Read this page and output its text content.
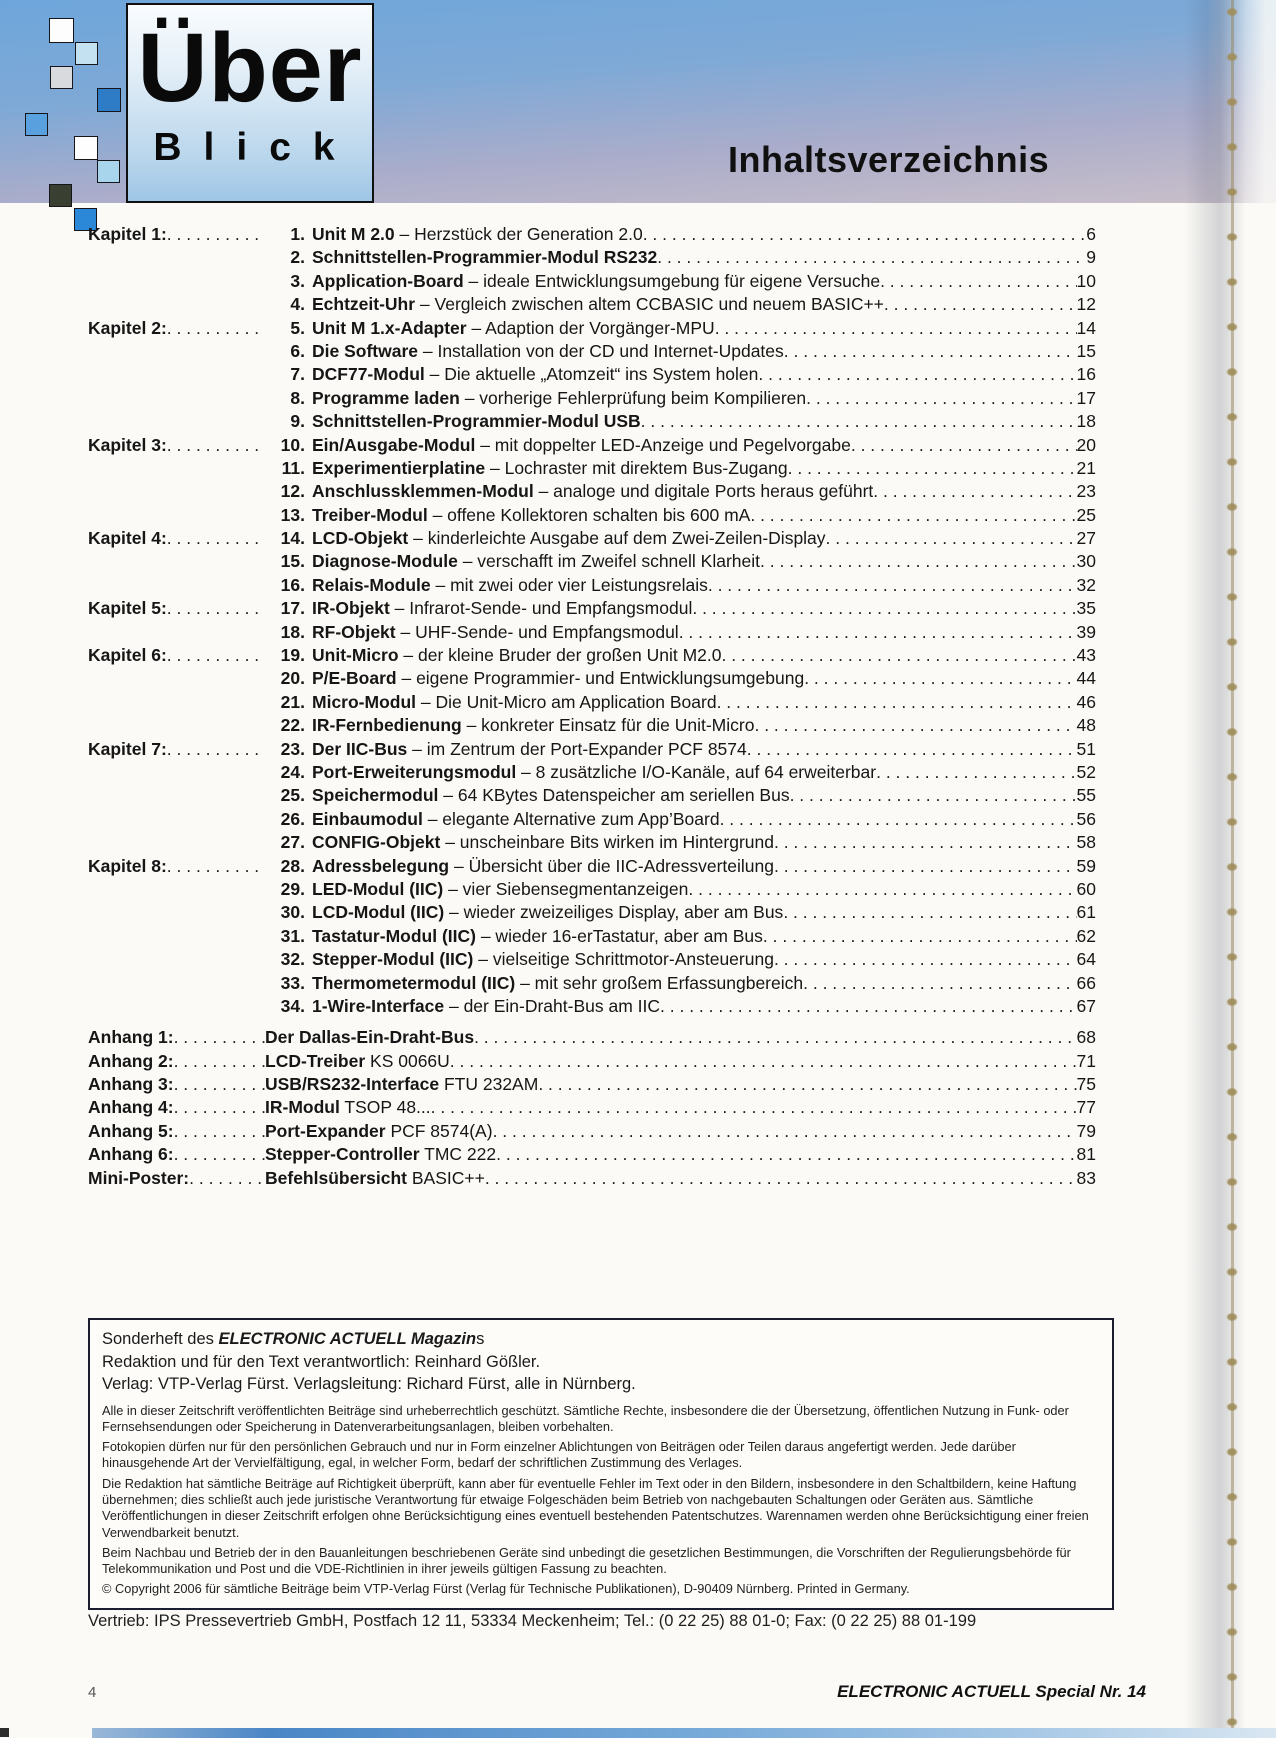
Über
Blick	Inhaltsverzeichnis
Kapitel 1: . . .	1. Unit M 2.0 – Herzstück der Generation 2.0 . . .	6
2. Schnittstellen-Programmier-Modul RS232 . . .	9
3. Application-Board – ideale Entwicklungsumgebung für eigene Versuche . . .	10
4. Echtzeit-Uhr – Vergleich zwischen altem CCBASIC und neuem BASIC++ . . .	12
Kapitel 2: . . .	5. Unit M 1.x-Adapter – Adaption der Vorgänger-MPU . . .	14
6. Die Software – Installation von der CD und Internet-Updates . . .	15
7. DCF77-Modul – Die aktuelle „Atomzeit“ ins System holen . . .	16
8. Programme laden – vorherige Fehlerprüfung beim Kompilieren . . .	17
9. Schnittstellen-Programmier-Modul USB . . .	18
Kapitel 3: . . .	10. Ein/Ausgabe-Modul – mit doppelter LED-Anzeige und Pegelvorgabe . . .	20
11. Experimentierplatine – Lochraster mit direktem Bus-Zugang . . .	21
12. Anschlussklemmen-Modul – analoge und digitale Ports heraus geführt . . .	23
13. Treiber-Modul – offene Kollektoren schalten bis 600 mA . . .	25
Kapitel 4: . . .	14. LCD-Objekt – kinderleichte Ausgabe auf dem Zwei-Zeilen-Display . . .	27
15. Diagnose-Module – verschafft im Zweifel schnell Klarheit . . .	30
16. Relais-Module – mit zwei oder vier Leistungsrelais . . .	32
Kapitel 5: . . .	17. IR-Objekt – Infrarot-Sende- und Empfangsmodul . . .	35
18. RF-Objekt – UHF-Sende- und Empfangsmodul . . .	39
Kapitel 6: . . .	19. Unit-Micro – der kleine Bruder der großen Unit M2.0 . . .	43
20. P/E-Board – eigene Programmier- und Entwicklungsumgebung . . .	44
21. Micro-Modul – Die Unit-Micro am Application Board . . .	46
22. IR-Fernbedienung – konkreter Einsatz für die Unit-Micro . . .	48
Kapitel 7: . . .	23. Der IIC-Bus – im Zentrum der Port-Expander PCF 8574 . . .	51
24. Port-Erweiterungsmodul – 8 zusätzliche I/O-Kanäle, auf 64 erweiterbar . . .	52
25. Speichermodul – 64 KBytes Datenspeicher am seriellen Bus . . .	55
26. Einbaumodul – elegante Alternative zum App’Board . . .	56
27. CONFIG-Objekt – unscheinbare Bits wirken im Hintergrund . . .	58
Kapitel 8: . . .	28. Adressbelegung – Übersicht über die IIC-Adressverteilung . . .	59
29. LED-Modul (IIC) – vier Siebensegmentanzeigen . . .	60
30. LCD-Modul (IIC) – wieder zweizeiliges Display, aber am Bus . . .	61
31. Tastatur-Modul (IIC) – wieder 16-erTastatur, aber am Bus . . .	62
32. Stepper-Modul (IIC) – vielseitige Schrittmotor-Ansteuerung . . .	64
33. Thermometermodul (IIC) – mit sehr großem Erfassungbereich . . .	66
34. 1-Wire-Interface – der Ein-Draht-Bus am IIC . . .	67
Anhang 1: . . .	Der Dallas-Ein-Draht-Bus . . .	68
Anhang 2: . . .	LCD-Treiber KS 0066U . . .	71
Anhang 3: . . .	USB/RS232-Interface FTU 232AM . . .	75
Anhang 4: . . .	IR-Modul TSOP 48... . . .	77
Anhang 5: . . .	Port-Expander PCF 8574(A) . . .	79
Anhang 6: . . .	Stepper-Controller TMC 222 . . .	81
Mini-Poster: . . .	Befehlsübersicht BASIC++ . . .	83
Sonderheft des ELECTRONIC ACTUELL Magazins
Redaktion und für den Text verantwortlich: Reinhard Gößler.
Verlag: VTP-Verlag Fürst. Verlagsleitung: Richard Fürst, alle in Nürnberg.

Alle in dieser Zeitschrift veröffentlichten Beiträge sind urheberrechtlich geschützt. Sämtliche Rechte, insbesondere die der Übersetzung, öffentlichen Nutzung in Funk- oder Fernsehsendungen oder Speicherung in Datenverarbeitungsanlagen, bleiben vorbehalten.

Fotokopien dürfen nur für den persönlichen Gebrauch und nur in Form einzelner Ablichtungen von Beiträgen oder Teilen daraus angefertigt werden. Jede darüber hinausgehende Art der Vervielfältigung, egal, in welcher Form, bedarf der schriftlichen Zustimmung des Verlages.

Die Redaktion hat sämtliche Beiträge auf Richtigkeit überprüft, kann aber für eventuelle Fehler im Text oder in den Bildern, insbesondere in den Schaltbildern, keine Haftung übernehmen; dies schließt auch jede juristische Verantwortung für etwaige Folgeschäden beim Betrieb von nachgebauten Schaltungen oder Geräten aus. Sämtliche Veröffentlichungen in dieser Zeitschrift erfolgen ohne Berücksichtigung eines eventuell bestehenden Patentschutzes. Warennamen werden ohne Berücksichtigung einer freien Verwendbarkeit benutzt.

Beim Nachbau und Betrieb der in den Bauanleitungen beschriebenen Geräte sind unbedingt die gesetzlichen Bestimmungen, die Vorschriften der Regulierungsbehörde für Telekommunikation und Post und die VDE-Richtlinien in ihrer jeweils gültigen Fassung zu beachten.

© Copyright 2006 für sämtliche Beiträge beim VTP-Verlag Fürst (Verlag für Technische Publikationen), D-90409 Nürnberg. Printed in Germany.

Vertrieb: IPS Pressevertrieb GmbH, Postfach 12 11, 53334 Meckenheim; Tel.: (0 22 25) 88 01-0; Fax: (0 22 25) 88 01-199
4	ELECTRONIC ACTUELL Special Nr. 14
